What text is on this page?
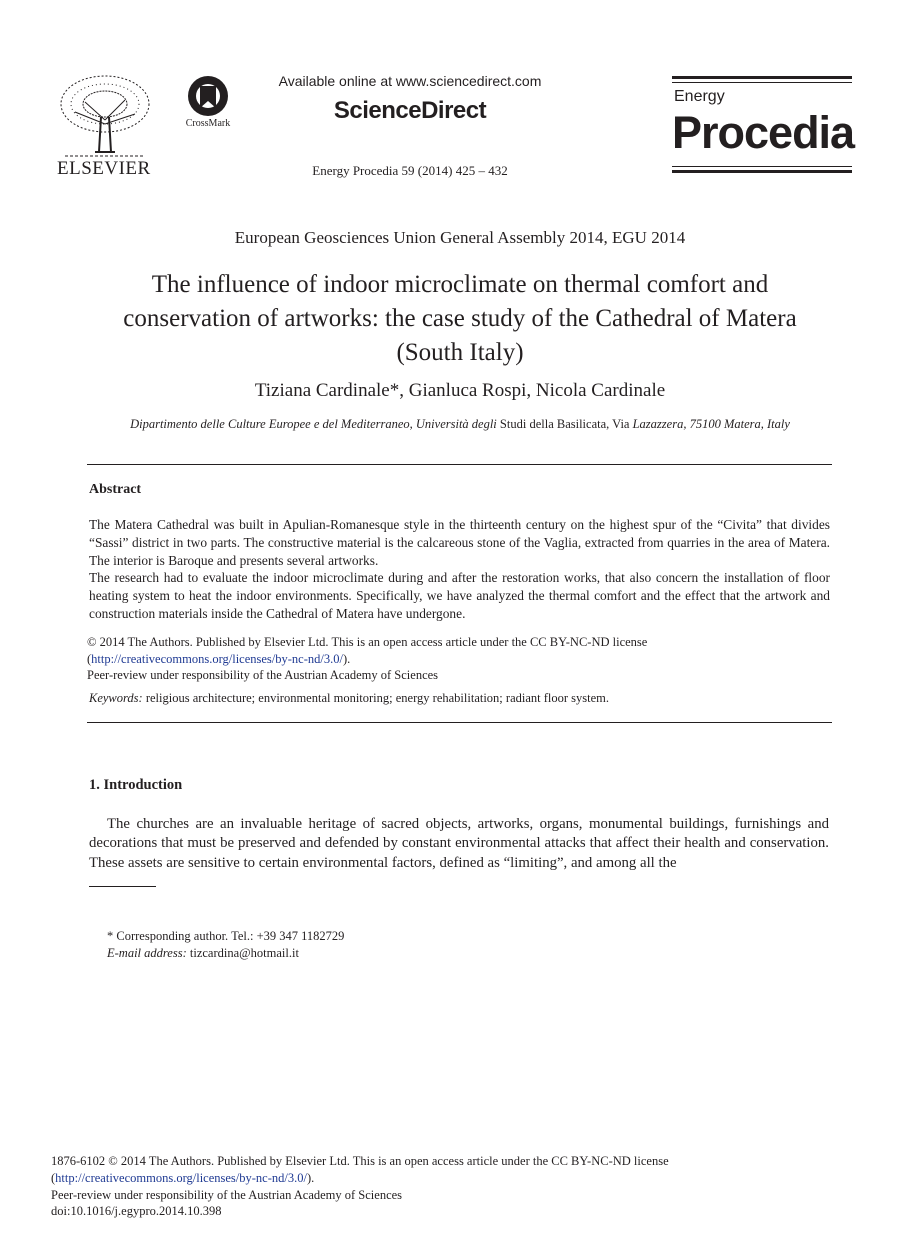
ELSEVIER
CrossMark
Available online at www.sciencedirect.com
ScienceDirect
Energy Procedia 59 (2014) 425 – 432
Energy
Procedia
European Geosciences Union General Assembly 2014, EGU 2014
The influence of indoor microclimate on thermal comfort and
conservation of artworks: the case study of the Cathedral of Matera
(South Italy)
Tiziana Cardinale*, Gianluca Rospi, Nicola Cardinale
Dipartimento delle Culture Europee e del Mediterraneo, Università degli Studi della Basilicata, Via Lazazzera, 75100 Matera, Italy
Abstract
The Matera Cathedral was built in Apulian-Romanesque style in the thirteenth century on the highest spur of the “Civita” that divides “Sassi” district in two parts. The constructive material is the calcareous stone of the Vaglia, extracted from quarries in the area of Matera. The interior is Baroque and presents several artworks.
The research had to evaluate the indoor microclimate during and after the restoration works, that also concern the installation of floor heating system to heat the indoor environments. Specifically, we have analyzed the thermal comfort and the effect that the artwork and construction materials inside the Cathedral of Matera have undergone.
© 2014 The Authors. Published by Elsevier Ltd. This is an open access article under the CC BY-NC-ND license
(http://creativecommons.org/licenses/by-nc-nd/3.0/).
Peer-review under responsibility of the Austrian Academy of Sciences
Keywords: religious architecture; environmental monitoring; energy rehabilitation; radiant floor system.
1. Introduction
The churches are an invaluable heritage of sacred objects, artworks, organs, monumental buildings, furnishings and decorations that must be preserved and defended by constant environmental attacks that affect their health and conservation. These assets are sensitive to certain environmental factors, defined as “limiting”, and among all the
* Corresponding author. Tel.: +39 347 1182729
E-mail address: tizcardina@hotmail.it
1876-6102 © 2014 The Authors. Published by Elsevier Ltd. This is an open access article under the CC BY-NC-ND license
(http://creativecommons.org/licenses/by-nc-nd/3.0/).
Peer-review under responsibility of the Austrian Academy of Sciences
doi:10.1016/j.egypro.2014.10.398
